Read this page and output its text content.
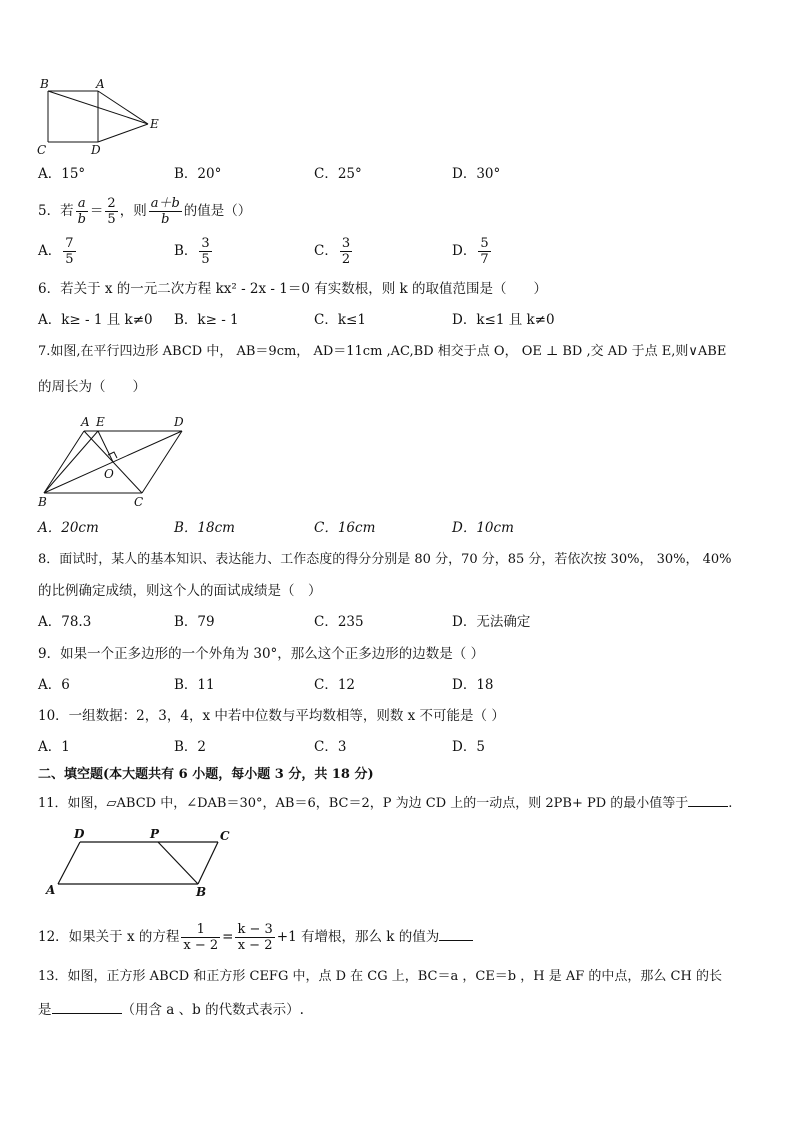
B	A
E
C	D
A．15°	B．20°	C．25°	D．30°
5．若 $\frac{a}{b} = \frac{2}{5}$ ，则 $\frac{a+b}{b}$ 的值是（）
A． $\frac{7}{5}$	B． $\frac{3}{5}$	C． $\frac{3}{2}$	D． $\frac{5}{7}$
6．若关于 x 的一元二次方程 kx² - 2x - 1＝0 有实数根，则 k 的取值范围是（　　）
A．k≥ - 1 且 k≠0 B．k≥ - 1	C．k≤1	D．k≤1 且 k≠0
7.如图,在平行四边形 ABCD 中， AB＝9cm， AD＝11cm ,AC,BD 相交于点 O， OE ⊥ BD ,交 AD 于点 E,则∨ABE
的周长为（　　）
A E	D
B	C
O
A．20cm	B．18cm	C．16cm	D．10cm
8．面试时，某人的基本知识、表达能力、工作态度的得分分别是 80 分，70 分，85 分，若依次按 30%， 30%， 40%
的比例确定成绩，则这个人的面试成绩是（　）
A．78.3	B．79	C．235	D．无法确定
9．如果一个正多边形的一个外角为 30°，那么这个正多边形的边数是（ ）
A．6	B．11	C．12	D．18
10．一组数据：2，3，4，x 中若中位数与平均数相等，则数 x 不可能是（ ）
A．1	B．2	C．3	D．5
二、填空题(本大题共有 6 小题，每小题 3 分，共 18 分)
11．如图，▱ABCD 中，∠DAB＝30°，AB＝6，BC＝2，P 为边 CD 上的一动点，则 2PB+ PD 的最小值等于	.
D	P	C
A	B
12．如果关于 x 的方程 $\frac{1}{x - 2} = \frac{k - 3}{x - 2} +1$ 有增根，那么 k 的值为
13．如图，正方形 ABCD 和正方形 CEFG 中，点 D 在 CG 上，BC＝a ，CE＝b ，H 是 AF 的中点，那么 CH 的长
是	（用含 a 、b 的代数式表示）.
